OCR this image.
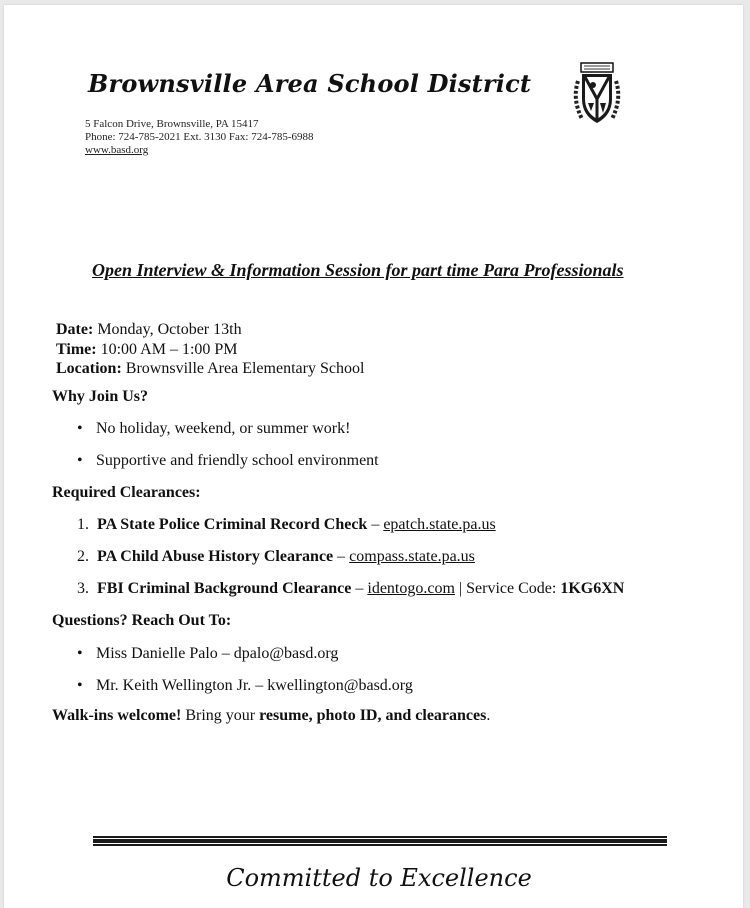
Brownsville Area School District
5 Falcon Drive, Brownsville, PA 15417
Phone: 724-785-2021 Ext. 3130 Fax: 724-785-6988
www.basd.org
Open Interview & Information Session for part time Para Professionals
Date: Monday, October 13th
Time: 10:00 AM – 1:00 PM
Location: Brownsville Area Elementary School
Why Join Us?
• No holiday, weekend, or summer work!
• Supportive and friendly school environment
Required Clearances:
1. PA State Police Criminal Record Check – epatch.state.pa.us
2. PA Child Abuse History Clearance – compass.state.pa.us
3. FBI Criminal Background Clearance – identogo.com | Service Code: 1KG6XN
Questions? Reach Out To:
• Miss Danielle Palo – dpalo@basd.org
• Mr. Keith Wellington Jr. – kwellington@basd.org
Walk-ins welcome! Bring your resume, photo ID, and clearances.
Committed to Excellence
